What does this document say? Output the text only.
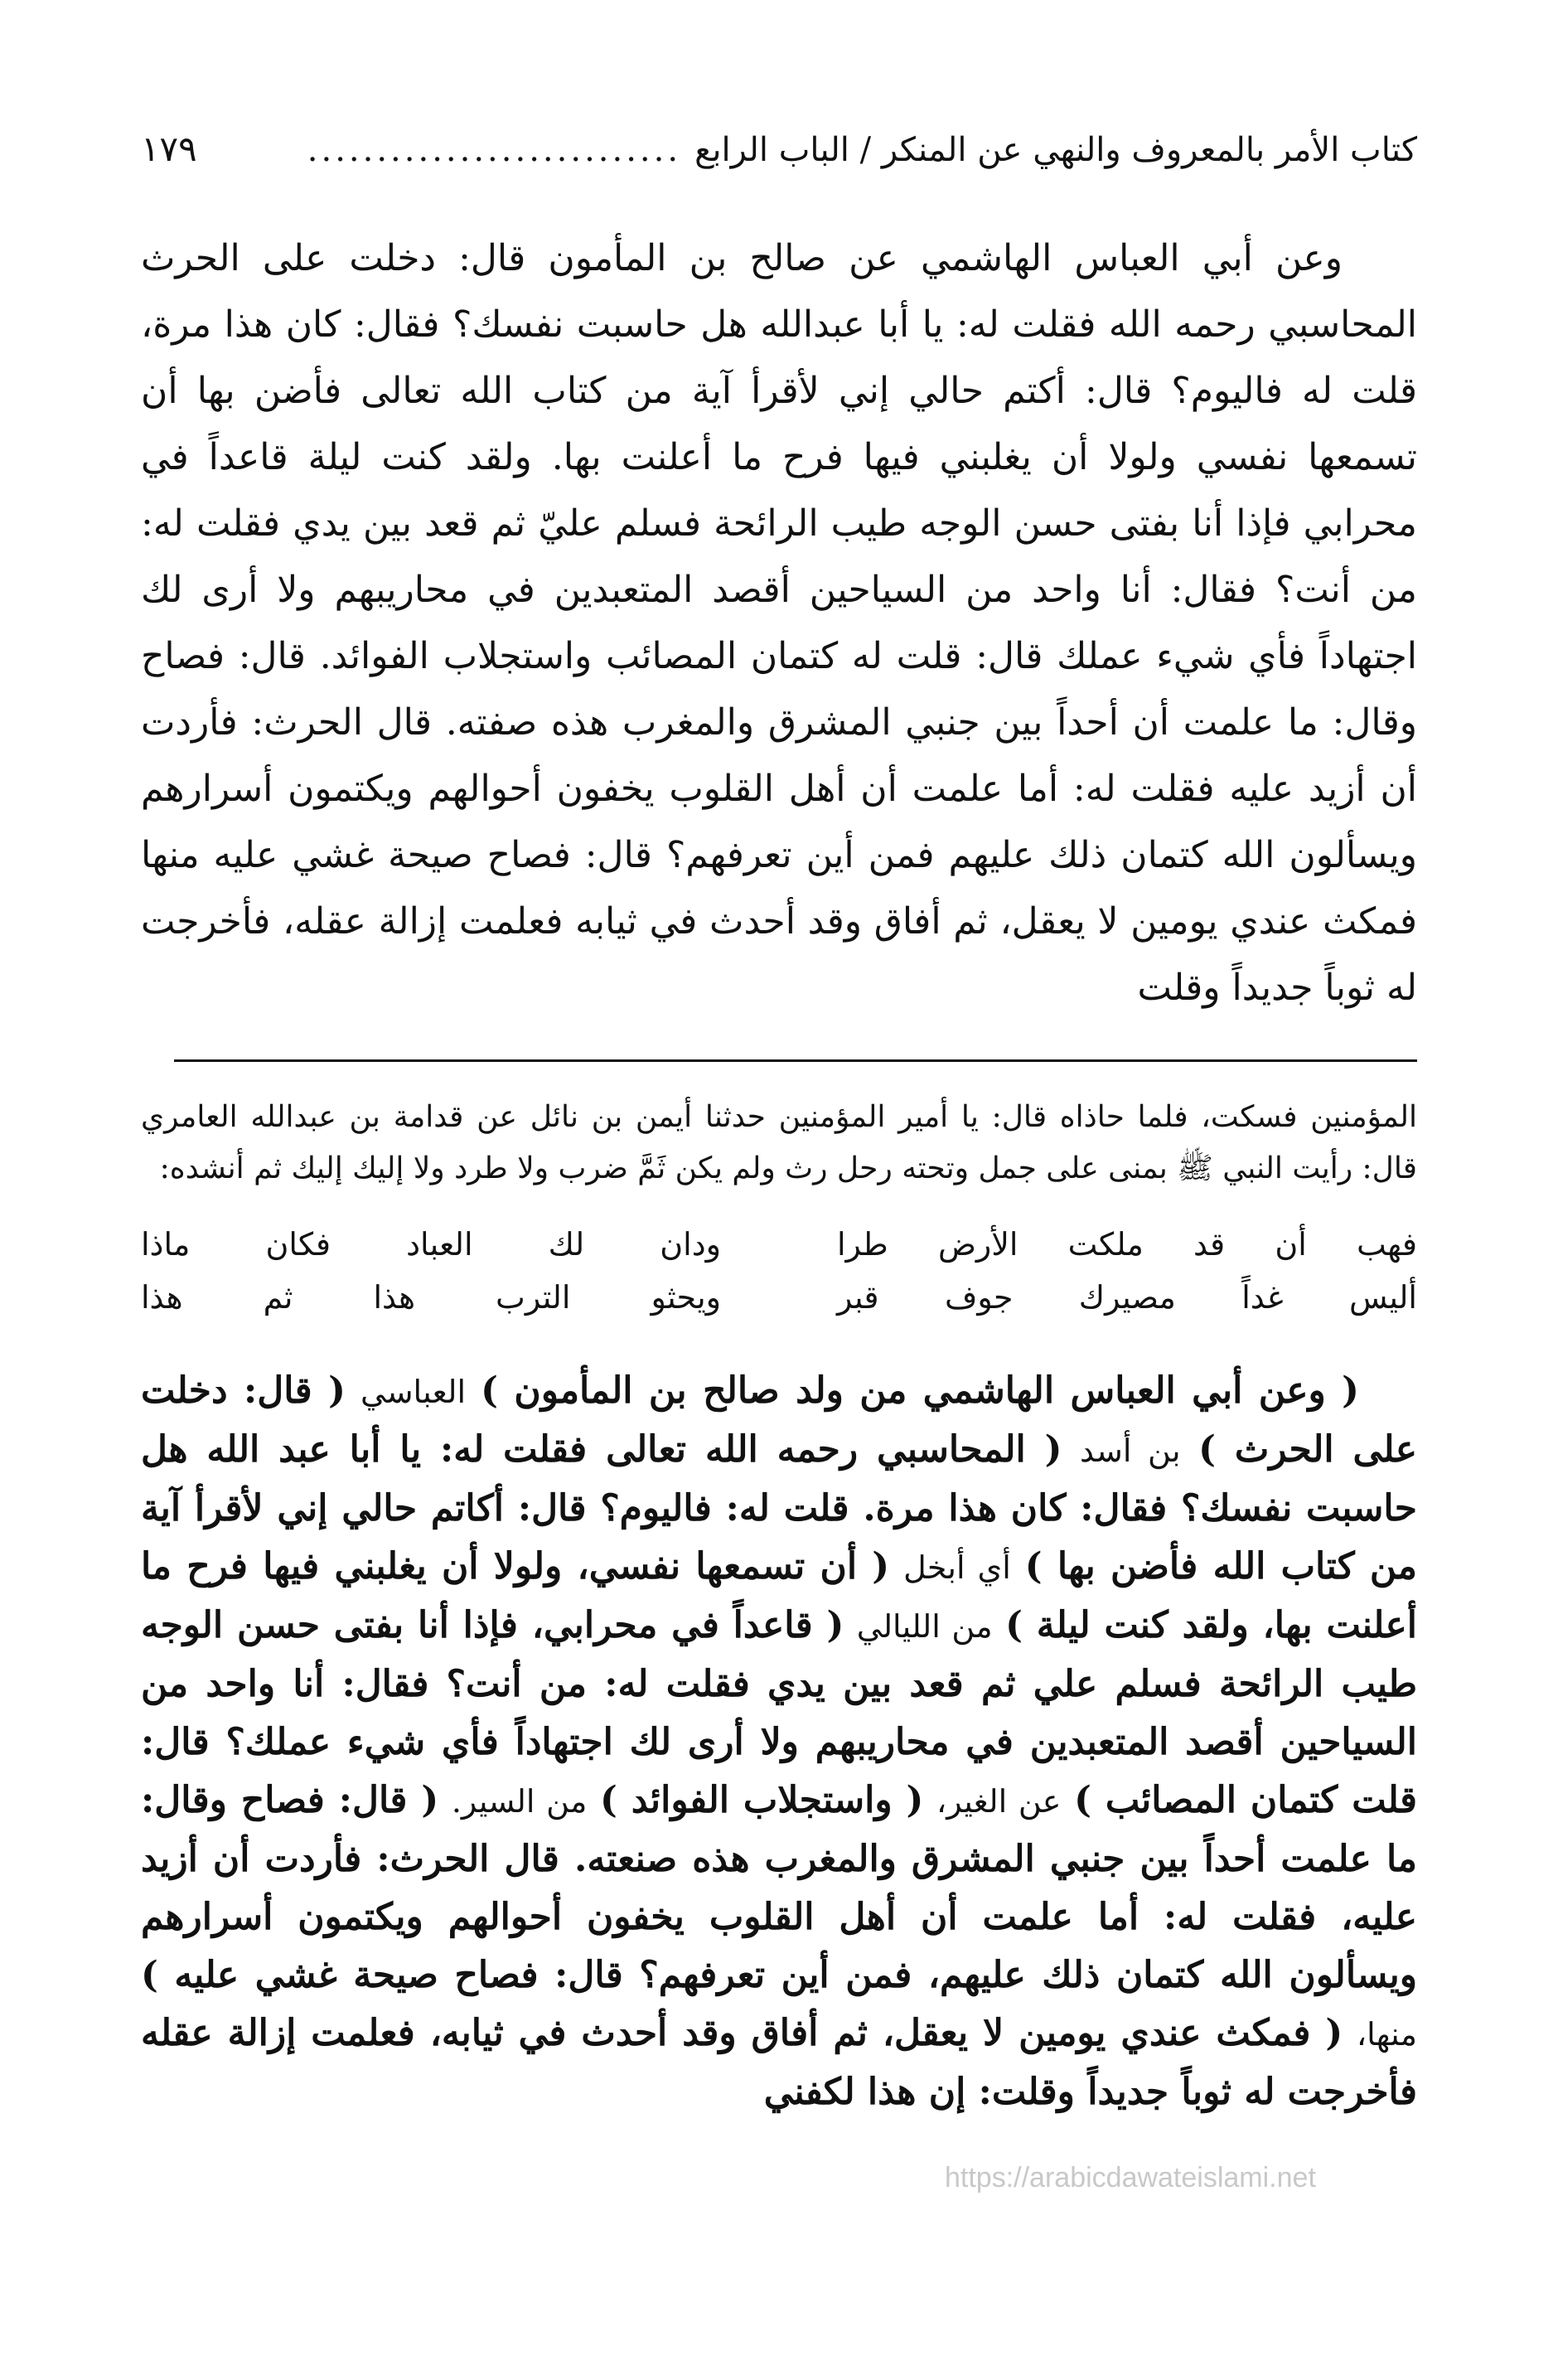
كتاب الأمر بالمعروف والنهي عن المنكر / الباب الرابع
...........................
١٧٩

وعن أبي العباس الهاشمي عن صالح بن المأمون قال: دخلت على الحرث المحاسبي رحمه الله فقلت له: يا أبا عبدالله هل حاسبت نفسك؟ فقال: كان هذا مرة، قلت له فاليوم؟ قال: أكتم حالي إني لأقرأ آية من كتاب الله تعالى فأضن بها أن تسمعها نفسي ولولا أن يغلبني فيها فرح ما أعلنت بها. ولقد كنت ليلة قاعداً في محرابي فإذا أنا بفتى حسن الوجه طيب الرائحة فسلم عليّ ثم قعد بين يدي فقلت له: من أنت؟ فقال: أنا واحد من السياحين أقصد المتعبدين في محاريبهم ولا أرى لك اجتهاداً فأي شيء عملك قال: قلت له كتمان المصائب واستجلاب الفوائد. قال: فصاح وقال: ما علمت أن أحداً بين جنبي المشرق والمغرب هذه صفته. قال الحرث: فأردت أن أزيد عليه فقلت له: أما علمت أن أهل القلوب يخفون أحوالهم ويكتمون أسرارهم ويسألون الله كتمان ذلك عليهم فمن أين تعرفهم؟ قال: فصاح صيحة غشي عليه منها فمكث عندي يومين لا يعقل، ثم أفاق وقد أحدث في ثيابه فعلمت إزالة عقله، فأخرجت له ثوباً جديداً وقلت

المؤمنين فسكت، فلما حاذاه قال: يا أمير المؤمنين حدثنا أيمن بن نائل عن قدامة بن عبدالله العامري قال: رأيت النبي ﷺ بمنى على جمل وتحته رحل رث ولم يكن ثَمَّ ضرب ولا طرد ولا إليك إليك ثم أنشده:

فهب أن قد ملكت الأرض طرا
ودان لك العباد فكان ماذا
أليس غداً مصيرك جوف قبر
ويحثو الترب هذا ثم هذا

( وعن أبي العباس الهاشمي من ولد صالح بن المأمون ) العباسي ( قال: دخلت على الحرث ) بن أسد ( المحاسبي رحمه الله تعالى فقلت له: يا أبا عبد الله هل حاسبت نفسك؟ فقال: كان هذا مرة. قلت له: فاليوم؟ قال: أكاتم حالي إني لأقرأ آية من كتاب الله فأضن بها ) أي أبخل ( أن تسمعها نفسي، ولولا أن يغلبني فيها فرح ما أعلنت بها، ولقد كنت ليلة ) من الليالي ( قاعداً في محرابي، فإذا أنا بفتى حسن الوجه طيب الرائحة فسلم علي ثم قعد بين يدي فقلت له: من أنت؟ فقال: أنا واحد من السياحين أقصد المتعبدين في محاريبهم ولا أرى لك اجتهاداً فأي شيء عملك؟ قال: قلت كتمان المصائب ) عن الغير، ( واستجلاب الفوائد ) من السير. ( قال: فصاح وقال: ما علمت أحداً بين جنبي المشرق والمغرب هذه صنعته. قال الحرث: فأردت أن أزيد عليه، فقلت له: أما علمت أن أهل القلوب يخفون أحوالهم ويكتمون أسرارهم ويسألون الله كتمان ذلك عليهم، فمن أين تعرفهم؟ قال: فصاح صيحة غشي عليه ) منها، ( فمكث عندي يومين لا يعقل، ثم أفاق وقد أحدث في ثيابه، فعلمت إزالة عقله فأخرجت له ثوباً جديداً وقلت: إن هذا لكفني

https://arabicdawateislami.net
